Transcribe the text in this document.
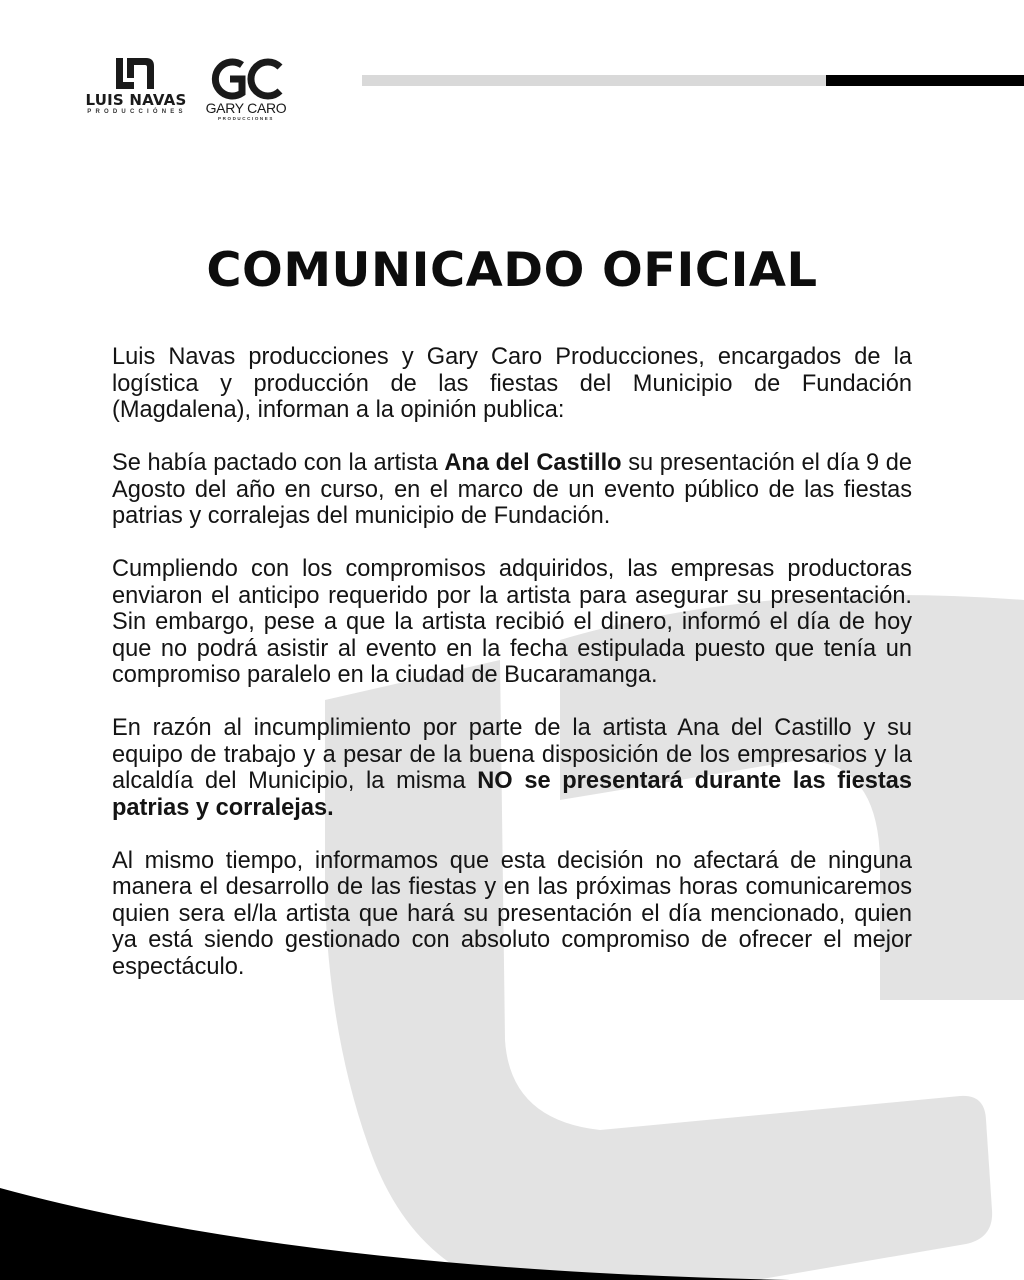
LUIS NAVAS
PRODUCCIÓNES	GARY CARO
PRODUCCIONES
COMUNICADO OFICIAL

Luis Navas producciones y Gary Caro Producciones, encargados de la logística y producción de las fiestas del Municipio de Fundación (Magdalena), informan a la opinión publica:

Se había pactado con la artista Ana del Castillo su presentación el día 9 de Agosto del año en curso, en el marco de un evento público de las fiestas patrias y corralejas del municipio de Fundación.

Cumpliendo con los compromisos adquiridos, las empresas productoras enviaron el anticipo requerido por la artista para asegurar su presentación. Sin embargo, pese a que la artista recibió el dinero, informó el día de hoy que no podrá asistir al evento en la fecha estipulada puesto que tenía un compromiso paralelo en la ciudad de Bucaramanga.

En razón al incumplimiento por parte de la artista Ana del Castillo y su equipo de trabajo y a pesar de la buena disposición de los empresarios y la alcaldía del Municipio, la misma NO se presentará durante las fiestas patrias y corralejas.

Al mismo tiempo, informamos que esta decisión no afectará de ninguna manera el desarrollo de las fiestas y en las próximas horas comunicaremos quien sera el/la artista que hará su presentación el día mencionado, quien ya está siendo gestionado con absoluto compromiso de ofrecer el mejor espectáculo.
